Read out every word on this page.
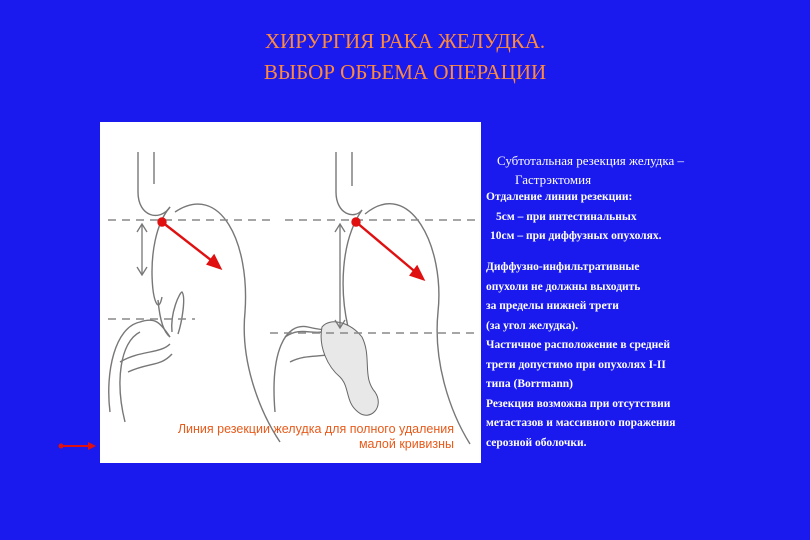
ХИРУРГИЯ РАКА ЖЕЛУДКА.
ВЫБОР ОБЪЕМА ОПЕРАЦИИ
Линия резекции желудка для полного удаления
малой кривизны
Субтотальная резекция желудка –
Гастрэктомия
Отдаление линии резекции:
5см – при интестинальных
10см – при диффузных опухолях.
Диффузно-инфильтративные
опухоли не должны выходить
за пределы нижней трети
(за угол желудка).
Частичное расположение в средней
трети допустимо при опухолях I-II
типа (Borrmann)
Резекция возможна при отсутствии
метастазов и массивного поражения
серозной оболочки.
